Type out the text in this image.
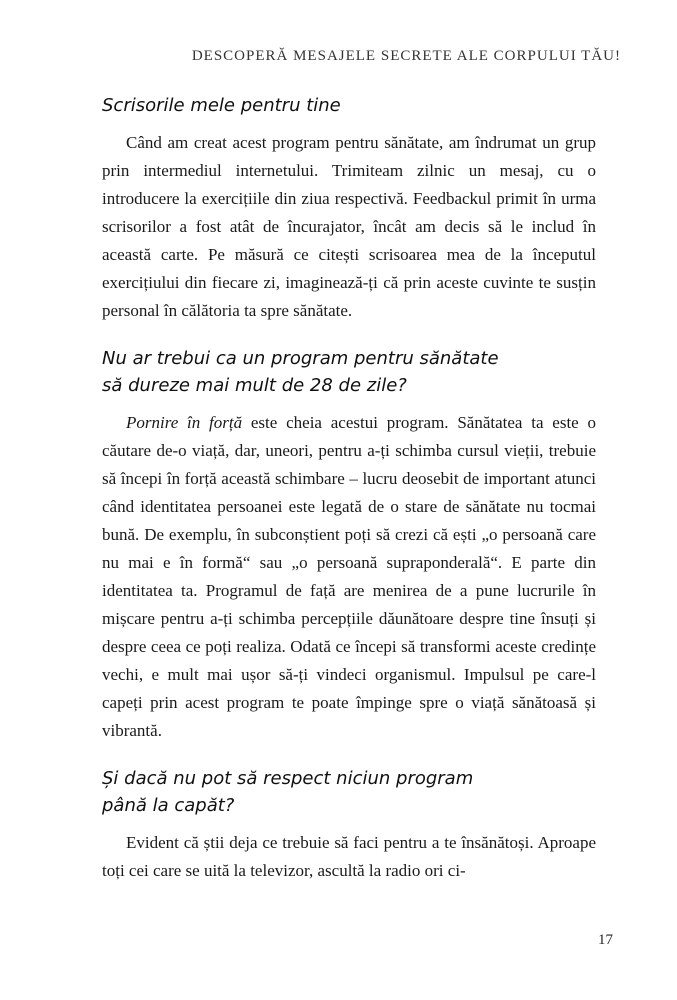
DESCOPERĂ MESAJELE SECRETE ALE CORPULUI TĂU!
Scrisorile mele pentru tine

Când am creat acest program pentru sănătate, am îndrumat un grup prin intermediul internetului. Trimiteam zilnic un mesaj, cu o introducere la exercițiile din ziua respectivă. Feedbackul primit în urma scrisorilor a fost atât de încurajator, încât am decis să le includ în această carte. Pe măsură ce citești scrisoarea mea de la începutul exercițiului din fiecare zi, imaginează-ți că prin aceste cuvinte te susțin personal în călătoria ta spre sănătate.

Nu ar trebui ca un program pentru sănătate
să dureze mai mult de 28 de zile?

Pornire în forță este cheia acestui program. Sănătatea ta este o căutare de-o viață, dar, uneori, pentru a-ți schimba cursul vieții, trebuie să începi în forță această schimbare – lucru deosebit de important atunci când identitatea persoanei este legată de o stare de sănătate nu tocmai bună. De exemplu, în subconștient poți să crezi că ești „o persoană care nu mai e în formă“ sau „o persoană supraponderală“. E parte din identitatea ta. Programul de față are menirea de a pune lucrurile în mișcare pentru a-ți schimba percepțiile dăunătoare despre tine însuți și despre ceea ce poți realiza. Odată ce începi să transformi aceste credințe vechi, e mult mai ușor să-ți vindeci organismul. Impulsul pe care-l capeți prin acest program te poate împinge spre o viață sănătoasă și vibrantă.

Și dacă nu pot să respect niciun program
până la capăt?

Evident că știi deja ce trebuie să faci pentru a te însănătoși. Aproape toți cei care se uită la televizor, ascultă la radio ori ci-

17
